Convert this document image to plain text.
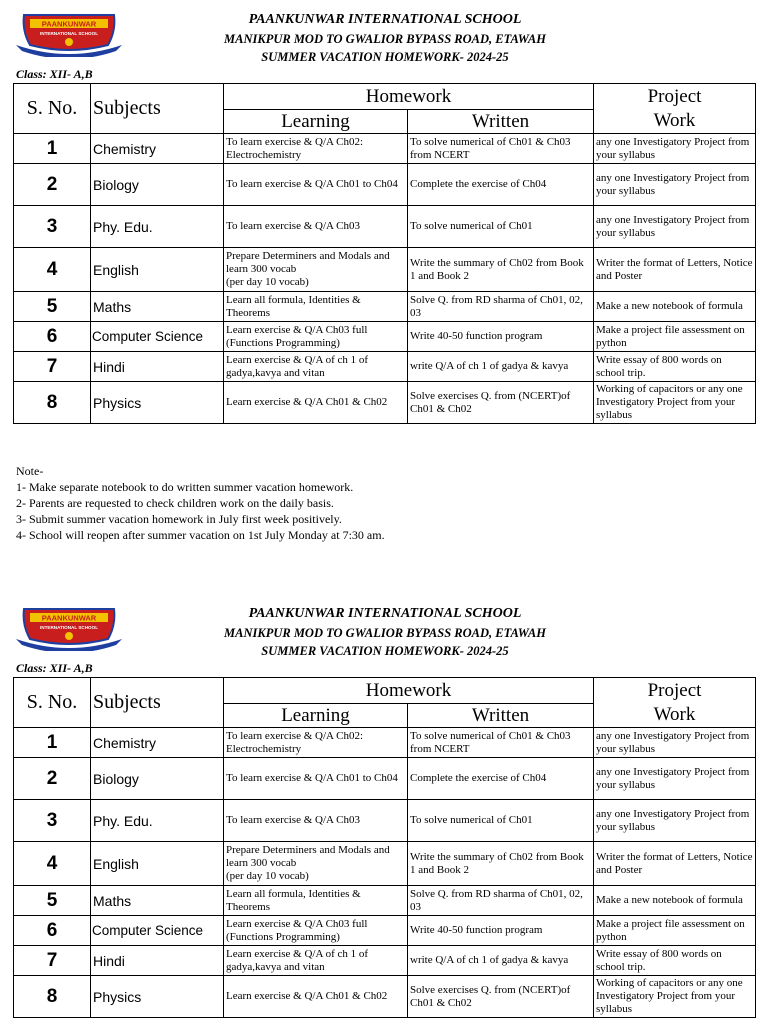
PAANKUNWAR
INTERNATIONAL SCHOOL
PAANKUNWAR INTERNATIONAL SCHOOL
MANIKPUR MOD TO GWALIOR BYPASS ROAD, ETAWAH
SUMMER VACATION HOMEWORK- 2024-25
Class: XII- A,B
S. No.	Subjects	Homework		Project
Work
		Learning	Written	
1	Chemistry	To learn exercise & Q/A Ch02: Electrochemistry	To solve numerical of Ch01 & Ch03 from NCERT	any one Investigatory Project from your syllabus
2	Biology	To learn exercise & Q/A Ch01 to Ch04	Complete the exercise of Ch04	any one Investigatory Project from your syllabus
3	Phy. Edu.	To learn exercise & Q/A Ch03	To solve numerical of Ch01	any one Investigatory Project from your syllabus
4	English	Prepare Determiners and Modals and learn 300 vocab
(per day 10 vocab)	Write the summary of Ch02 from Book 1 and Book 2	Writer the format of Letters, Notice and Poster
5	Maths	Learn all formula, Identities & Theorems	Solve Q. from RD sharma of Ch01, 02, 03	Make a new notebook of formula
6	Computer Science	Learn exercise & Q/A Ch03 full (Functions Programming)	Write 40-50 function program	Make a project file assessment on python
7	Hindi	Learn exercise & Q/A of ch 1 of gadya,kavya and vitan	write Q/A of ch 1 of gadya & kavya	Write essay of 800 words on school trip.
8	Physics	Learn exercise & Q/A Ch01 & Ch02	Solve exercises Q. from (NCERT)of Ch01 & Ch02	Working of capacitors or any one Investigatory Project from your syllabus
Note-
1- Make separate notebook to do written summer vacation homework.
2- Parents are requested to check children work on the daily basis.
3- Submit summer vacation homework in July first week positively.
4- School will reopen after summer vacation on 1st July Monday at 7:30 am.
PAANKUNWAR
INTERNATIONAL SCHOOL
PAANKUNWAR INTERNATIONAL SCHOOL
MANIKPUR MOD TO GWALIOR BYPASS ROAD, ETAWAH
SUMMER VACATION HOMEWORK- 2024-25
Class: XII- A,B
S. No.	Subjects	Homework		Project
Work
		Learning	Written	
1	Chemistry	To learn exercise & Q/A Ch02: Electrochemistry	To solve numerical of Ch01 & Ch03 from NCERT	any one Investigatory Project from your syllabus
2	Biology	To learn exercise & Q/A Ch01 to Ch04	Complete the exercise of Ch04	any one Investigatory Project from your syllabus
3	Phy. Edu.	To learn exercise & Q/A Ch03	To solve numerical of Ch01	any one Investigatory Project from your syllabus
4	English	Prepare Determiners and Modals and learn 300 vocab
(per day 10 vocab)	Write the summary of Ch02 from Book 1 and Book 2	Writer the format of Letters, Notice and Poster
5	Maths	Learn all formula, Identities & Theorems	Solve Q. from RD sharma of Ch01, 02, 03	Make a new notebook of formula
6	Computer Science	Learn exercise & Q/A Ch03 full (Functions Programming)	Write 40-50 function program	Make a project file assessment on python
7	Hindi	Learn exercise & Q/A of ch 1 of gadya,kavya and vitan	write Q/A of ch 1 of gadya & kavya	Write essay of 800 words on school trip.
8	Physics	Learn exercise & Q/A Ch01 & Ch02	Solve exercises Q. from (NCERT)of Ch01 & Ch02	Working of capacitors or any one Investigatory Project from your syllabus
